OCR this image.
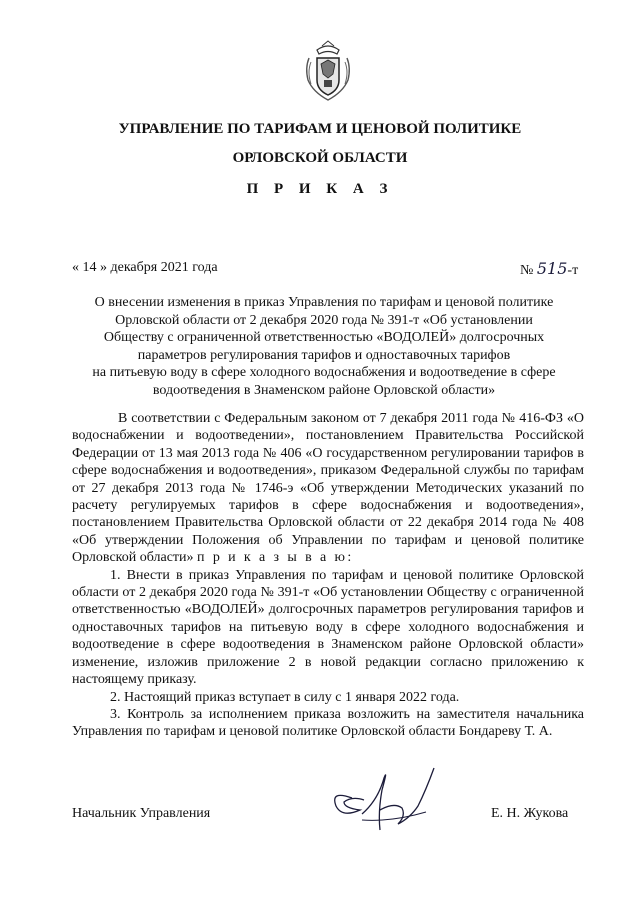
УПРАВЛЕНИЕ ПО ТАРИФАМ И ЦЕНОВОЙ ПОЛИТИКЕ
ОРЛОВСКОЙ ОБЛАСТИ
П Р И К А З
« 14 » декабря 2021 года	№ 515-т
О внесении изменения в приказ Управления по тарифам и ценовой политике
Орловской области от 2 декабря 2020 года № 391-т «Об установлении
Обществу с ограниченной ответственностью «ВОДОЛЕЙ» долгосрочных
параметров регулирования тарифов и одноставочных тарифов
на питьевую воду в сфере холодного водоснабжения и водоотведение в сфере
водоотведения в Знаменском районе Орловской области»

В соответствии с Федеральным законом от 7 декабря 2011 года № 416-ФЗ «О водоснабжении и водоотведении», постановлением Правительства Российской Федерации от 13 мая 2013 года № 406 «О государственном регулировании тарифов в сфере водоснабжения и водоотведения», приказом Федеральной службы по тарифам от 27 декабря 2013 года № 1746-э «Об утверждении Методических указаний по расчету регулируемых тарифов в сфере водоснабжения и водоотведения», постановлением Правительства Орловской области от 22 декабря 2014 года № 408 «Об утверждении Положения об Управлении по тарифам и ценовой политике Орловской области» п р и к а з ы в а ю:

1. Внести в приказ Управления по тарифам и ценовой политике Орловской области от 2 декабря 2020 года № 391-т «Об установлении Обществу с ограниченной ответственностью «ВОДОЛЕЙ» долгосрочных параметров регулирования тарифов и одноставочных тарифов на питьевую воду в сфере холодного водоснабжения и водоотведение в сфере водоотведения в Знаменском районе Орловской области» изменение, изложив приложение 2 в новой редакции согласно приложению к настоящему приказу.

2. Настоящий приказ вступает в силу с 1 января 2022 года.

3. Контроль за исполнением приказа возложить на заместителя начальника Управления по тарифам и ценовой политике Орловской области Бондареву Т. А.

Начальник Управления	Е. Н. Жукова
